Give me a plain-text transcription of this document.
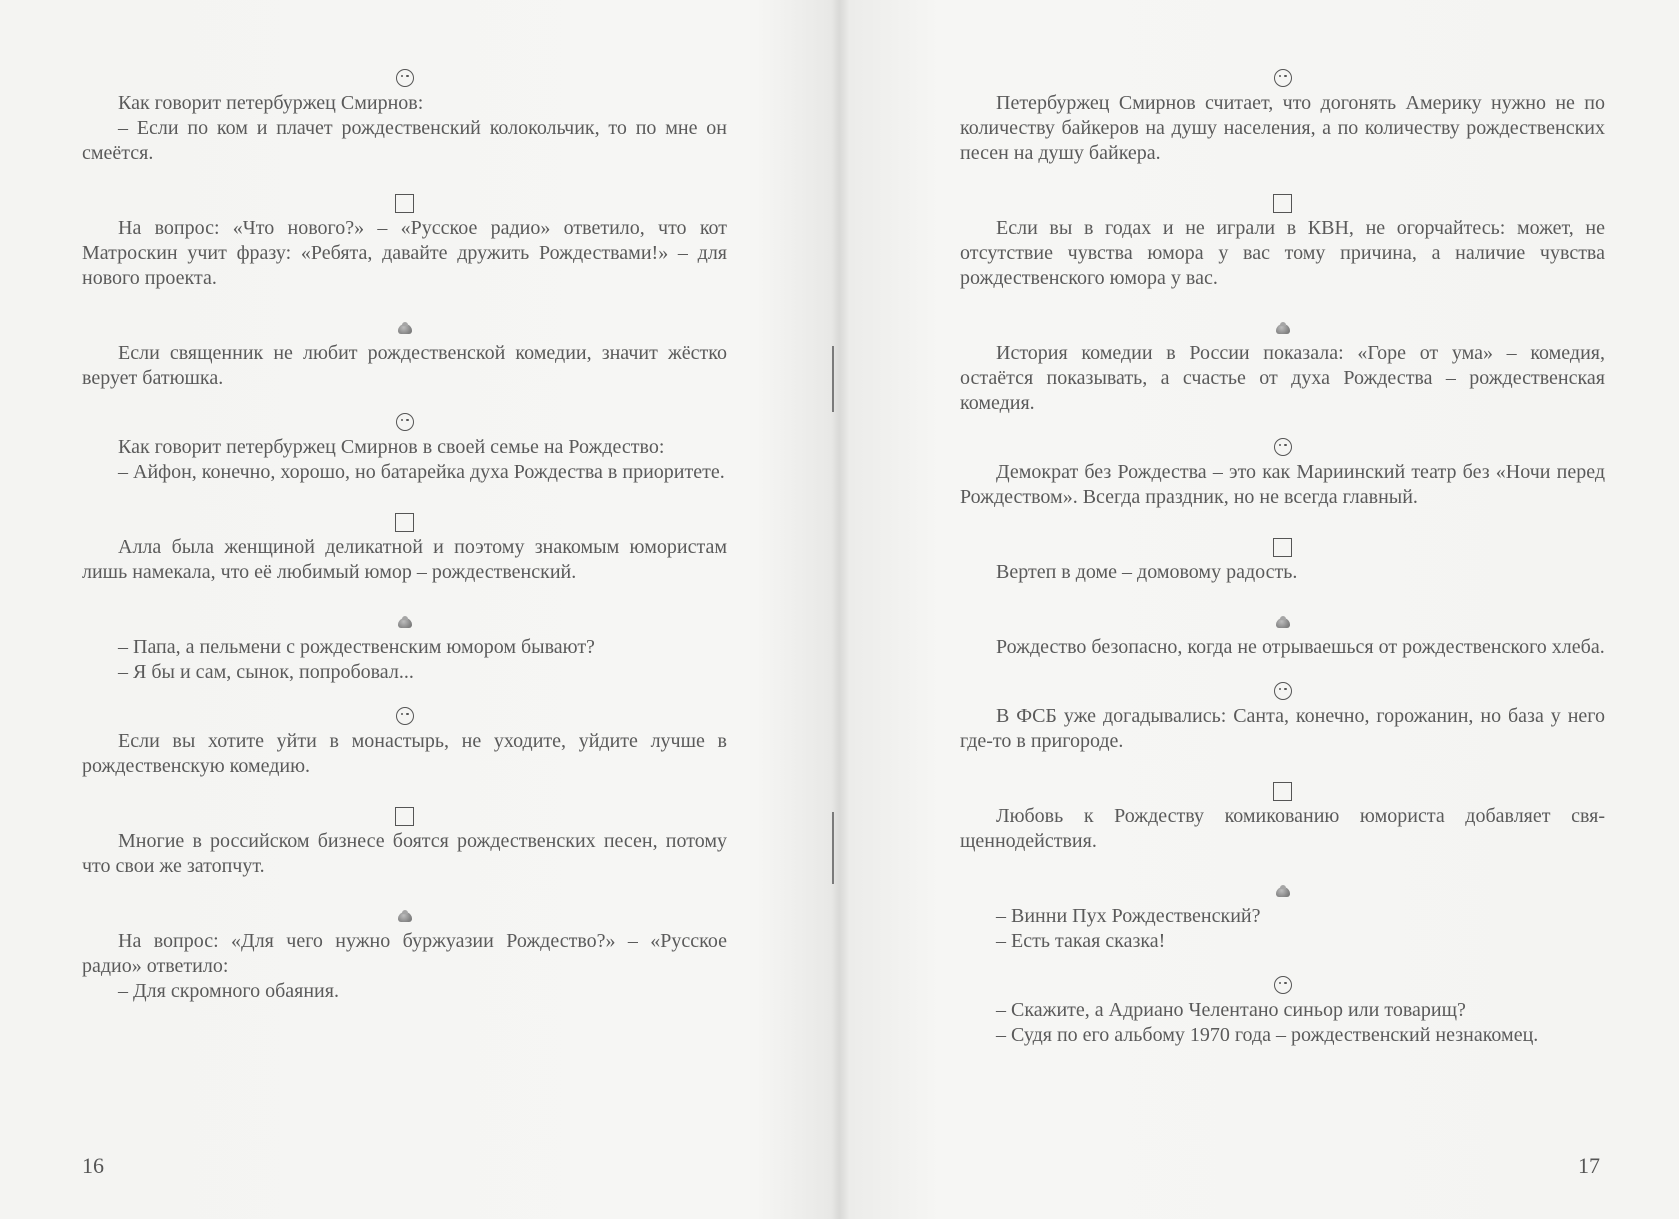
Как говорит петербуржец Смирнов:

– Если по ком и плачет рождественский колокольчик, то по мне он смеётся.

На вопрос: «Что нового?» – «Русское радио» ответило, что кот Матроскин учит фразу: «Ребята, давайте дружить Рождествами!» – для нового проекта.

Если священник не любит рождественской комедии, значит жёстко верует батюшка.

Как говорит петербуржец Смирнов в своей семье на Рождество:

– Айфон, конечно, хорошо, но батарейка духа Рождества в приоритете.

Алла была женщиной деликатной и поэтому знакомым юмористам лишь намекала, что её любимый юмор – рождественский.

– Папа, а пельмени с рождественским юмором бывают?

– Я бы и сам, сынок, попробовал...

Если вы хотите уйти в монастырь, не уходите, уйдите лучше в рождественскую комедию.

Многие в российском бизнесе боятся рождественских песен, потому что свои же затопчут.

На вопрос: «Для чего нужно буржуазии Рождество?» – «Русское радио» ответило:

– Для скромного обаяния.

16

Петербуржец Смирнов считает, что догонять Америку нужно не по количеству байкеров на душу населения, а по количеству рождественских песен на душу байкера.

Если вы в годах и не играли в КВН, не огорчайтесь: может, не отсутствие чувства юмора у вас тому причина, а наличие чувства рождественского юмора у вас.

История комедии в России показала: «Горе от ума» – комедия, остаётся показывать, а счастье от духа Рождества – рождественская комедия.

Демократ без Рождества – это как Мариинский театр без «Ночи перед Рождеством». Всегда праздник, но не всегда главный.

Вертеп в доме – домовому радость.

Рождество безопасно, когда не отрываешься от рождественского хлеба.

В ФСБ уже догадывались: Санта, конечно, горожанин, но база у него где-то в пригороде.

Любовь к Рождеству комикованию юмориста добавляет священнодействия.

– Винни Пух Рождественский?

– Есть такая сказка!

– Скажите, а Адриано Челентано синьор или товарищ?

– Судя по его альбому 1970 года – рождественский незнакомец.

17
